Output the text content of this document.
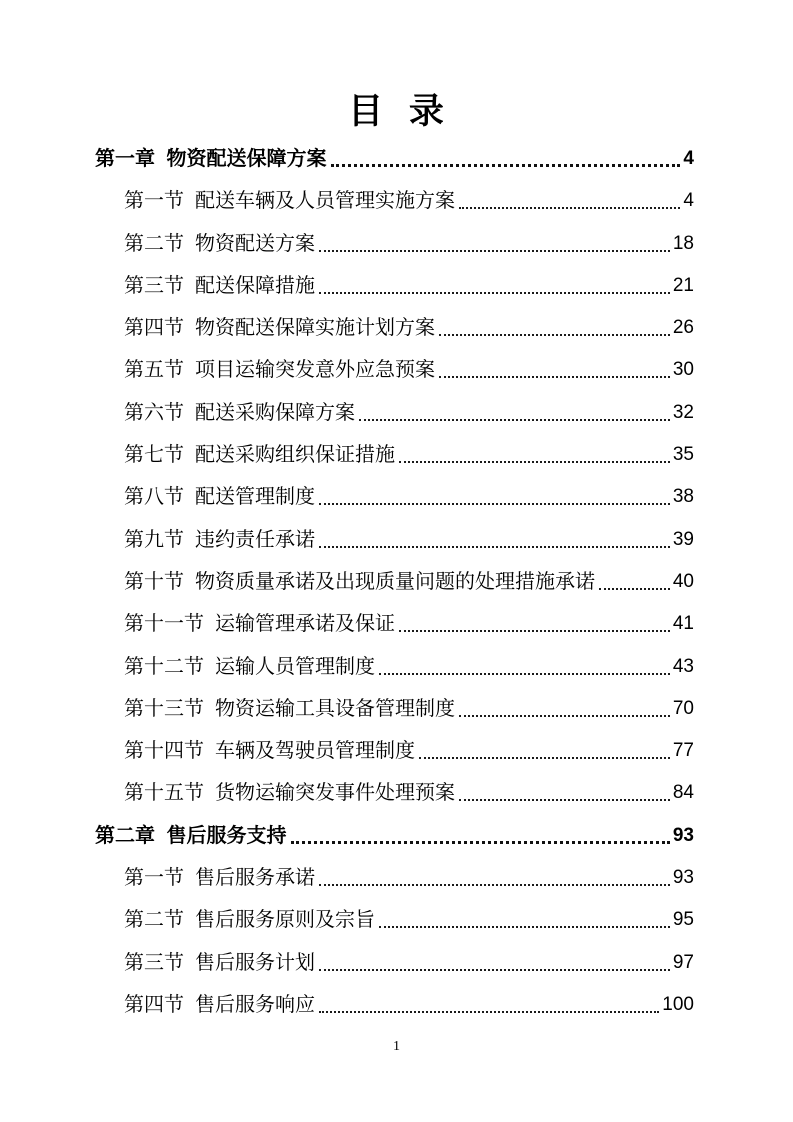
目 录
第一章 物资配送保障方案	4
第一节 配送车辆及人员管理实施方案	4
第二节 物资配送方案	18
第三节 配送保障措施	21
第四节 物资配送保障实施计划方案	26
第五节 项目运输突发意外应急预案	30
第六节 配送采购保障方案	32
第七节 配送采购组织保证措施	35
第八节 配送管理制度	38
第九节 违约责任承诺	39
第十节 物资质量承诺及出现质量问题的处理措施承诺	40
第十一节 运输管理承诺及保证	41
第十二节 运输人员管理制度	43
第十三节 物资运输工具设备管理制度	70
第十四节 车辆及驾驶员管理制度	77
第十五节 货物运输突发事件处理预案	84
第二章 售后服务支持	93
第一节 售后服务承诺	93
第二节 售后服务原则及宗旨	95
第三节 售后服务计划	97
第四节 售后服务响应	100
1
